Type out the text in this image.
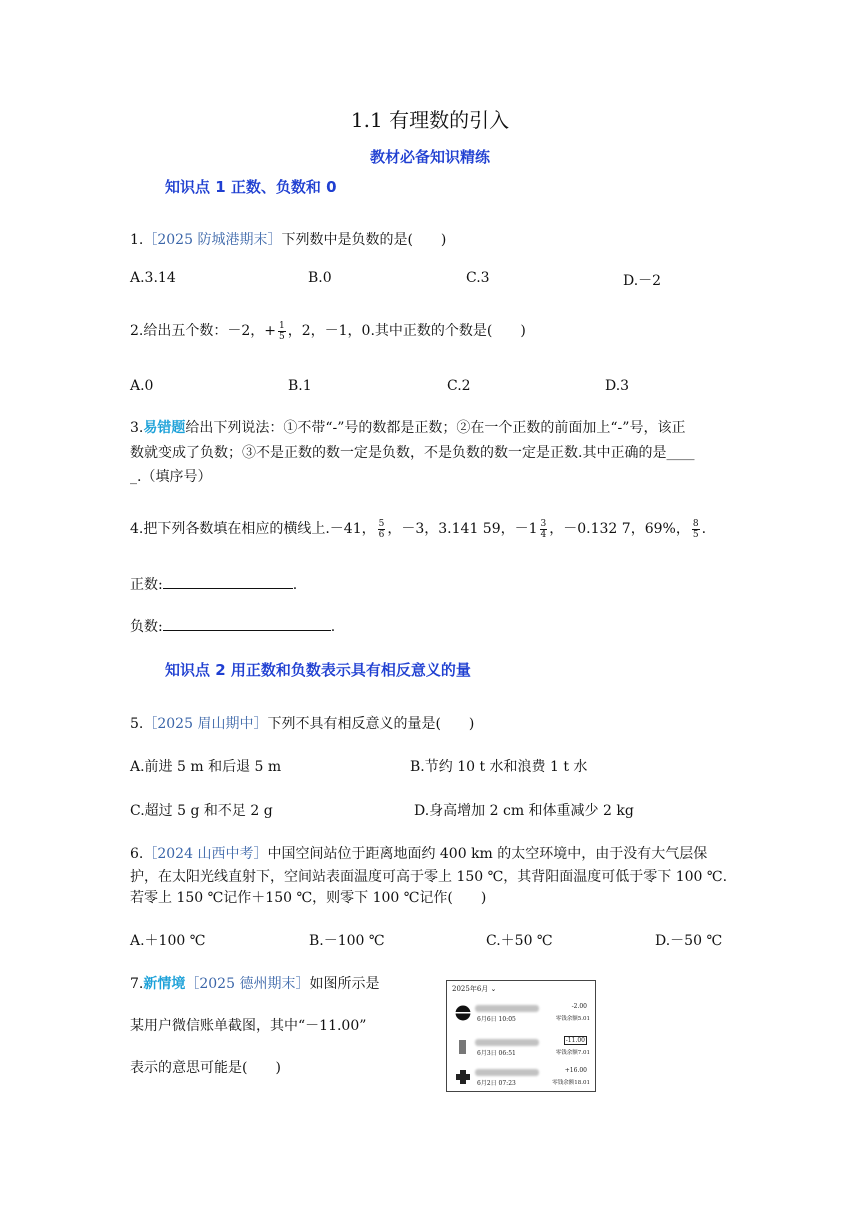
1.1 有理数的引入
教材必备知识精练
知识点 1 正数、负数和 0
1.［2025 防城港期末］下列数中是负数的是(　　)
A.3.14	B.0	C.3	D.－2
2.给出五个数：－2，+ $\frac{1}{5}$ ，2，－1，0.其中正数的个数是(　　)
A.0	B.1	C.2	D.3
3.易错题给出下列说法：①不带“-”号的数都是正数；②在一个正数的前面加上“-”号，该正
数就变成了负数；③不是正数的数一定是负数，不是负数的数一定是正数.其中正确的是____
_.（填序号）
4.把下列各数填在相应的横线上.－41， $\frac{5}{6}$ ，－3，3.141 59，$-1 \frac{3}{4}$ ，－0.132 7，69%， $\frac{8}{5}$ .
正数:	.
负数:	.
知识点 2 用正数和负数表示具有相反意义的量
5.［2025 眉山期中］下列不具有相反意义的量是(　　)
A.前进 5 m 和后退 5 m	B.节约 10 t 水和浪费 1 t 水
C.超过 5 g 和不足 2 g	D.身高增加 2 cm 和体重减少 2 kg
6.［2024 山西中考］中国空间站位于距离地面约 400 km 的太空环境中，由于没有大气层保
护，在太阳光线直射下，空间站表面温度可高于零上 150 ℃，其背阳面温度可低于零下 100 ℃.
若零上 150 ℃记作＋150 ℃，则零下 100 ℃记作(　　)
A.＋100 ℃	B.－100 ℃	C.＋50 ℃	D.－50 ℃
7.新情境［2025 德州期末］如图所示是
某用户微信账单截图，其中“－11.00”
表示的意思可能是(　　)
2025年6月 ⌄
6月6日 10:05
-2.00
零钱余额5.01
6月3日 06:51
-11.00
零钱余额7.01
6月2日 07:23
+16.00
零钱余额18.01
